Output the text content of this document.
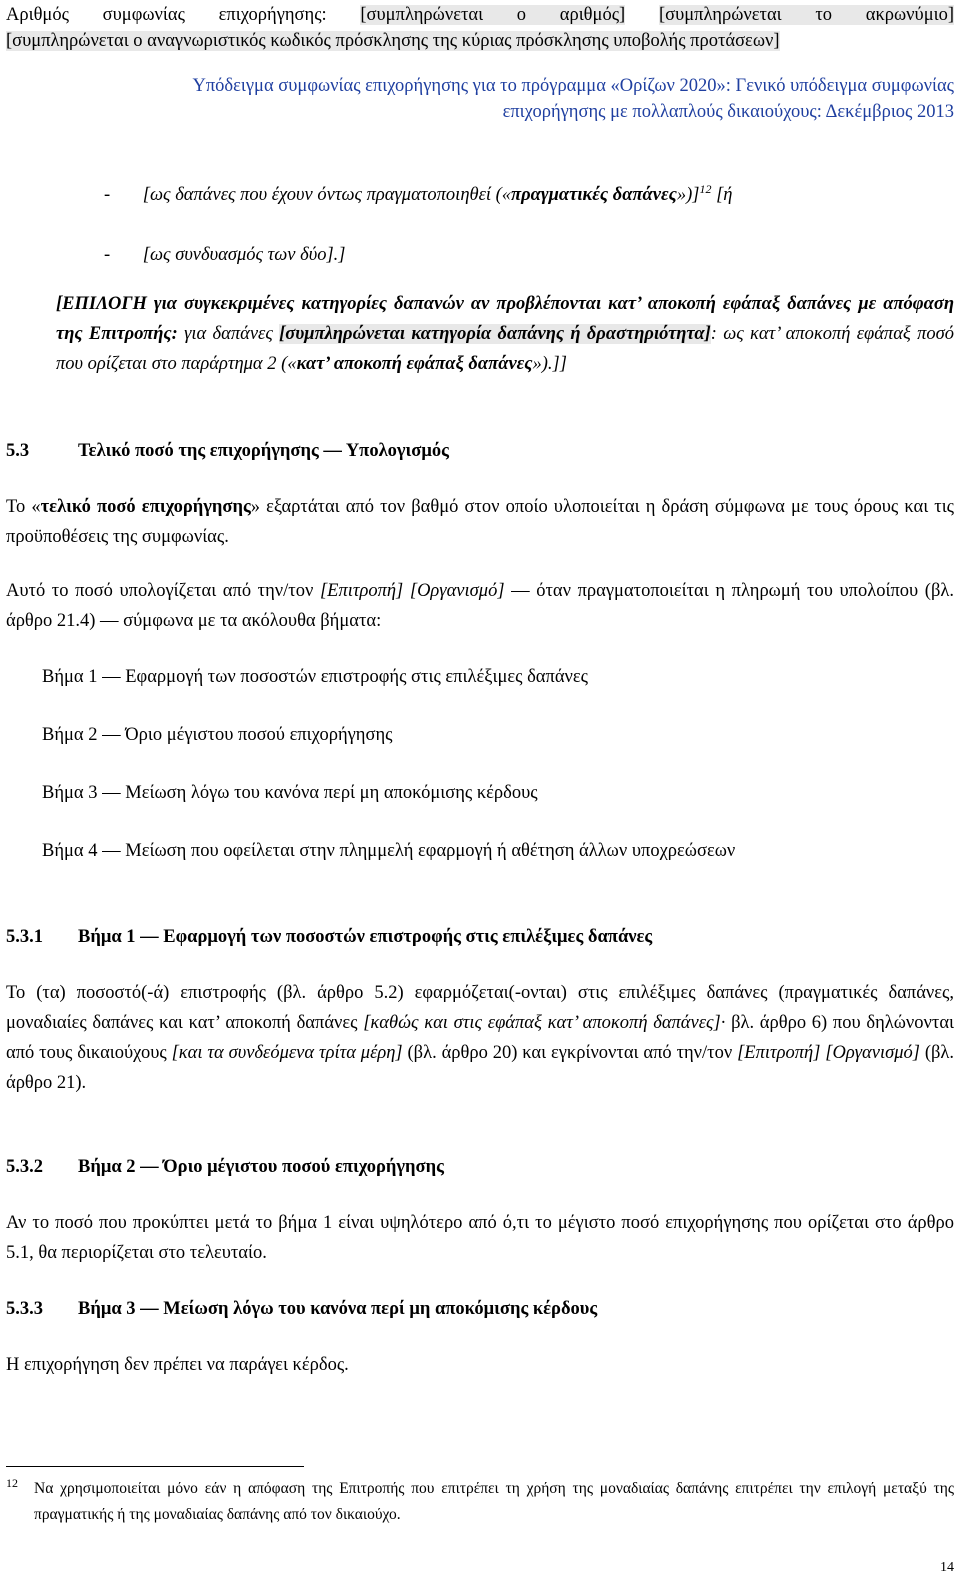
Αριθμός συμφωνίας επιχορήγησης: [συμπληρώνεται ο αριθμός] [συμπληρώνεται το ακρωνύμιο]
[συμπληρώνεται ο αναγνωριστικός κωδικός πρόσκλησης της κύριας πρόσκλησης υποβολής προτάσεων]
Υπόδειγμα συμφωνίας επιχορήγησης για το πρόγραμμα «Ορίζων 2020»: Γενικό υπόδειγμα συμφωνίας
επιχορήγησης με πολλαπλούς δικαιούχους: Δεκέμβριος 2013
- [ως δαπάνες που έχουν όντως πραγματοποιηθεί («πραγματικές δαπάνες»)]$^{12}$ [ή
- [ως συνδυασμός των δύο].]
[ΕΠΙΛΟΓΗ για συγκεκριμένες κατηγορίες δαπανών αν προβλέπονται κατ’ αποκοπή εφάπαξ δαπάνες με απόφαση της Επιτροπής: για δαπάνες [συμπληρώνεται κατηγορία δαπάνης ή δραστηριότητα]: ως κατ’ αποκοπή εφάπαξ ποσό που ορίζεται στο παράρτημα 2 («κατ’ αποκοπή εφάπαξ δαπάνες»).]]
5.3	Τελικό ποσό της επιχορήγησης — Υπολογισμός
Το «τελικό ποσό επιχορήγησης» εξαρτάται από τον βαθμό στον οποίο υλοποιείται η δράση σύμφωνα με τους όρους και τις προϋποθέσεις της συμφωνίας.
Αυτό το ποσό υπολογίζεται από την/τον [Επιτροπή] [Οργανισμό] — όταν πραγματοποιείται η πληρωμή του υπολοίπου (βλ. άρθρο 21.4) — σύμφωνα με τα ακόλουθα βήματα:
Βήμα 1 — Εφαρμογή των ποσοστών επιστροφής στις επιλέξιμες δαπάνες
Βήμα 2 — Όριο μέγιστου ποσού επιχορήγησης
Βήμα 3 — Μείωση λόγω του κανόνα περί μη αποκόμισης κέρδους
Βήμα 4 — Μείωση που οφείλεται στην πλημμελή εφαρμογή ή αθέτηση άλλων υποχρεώσεων
5.3.1 Βήμα 1 — Εφαρμογή των ποσοστών επιστροφής στις επιλέξιμες δαπάνες
Το (τα) ποσοστό(-ά) επιστροφής (βλ. άρθρο 5.2) εφαρμόζεται(-ονται) στις επιλέξιμες δαπάνες (πραγματικές δαπάνες, μοναδιαίες δαπάνες και κατ’ αποκοπή δαπάνες [καθώς και στις εφάπαξ κατ’ αποκοπή δαπάνες]· βλ. άρθρο 6) που δηλώνονται από τους δικαιούχους [και τα συνδεόμενα τρίτα μέρη] (βλ. άρθρο 20) και εγκρίνονται από την/τον [Επιτροπή] [Οργανισμό] (βλ. άρθρο 21).
5.3.2 Βήμα 2 — Όριο μέγιστου ποσού επιχορήγησης
Αν το ποσό που προκύπτει μετά το βήμα 1 είναι υψηλότερο από ό,τι το μέγιστο ποσό επιχορήγησης που ορίζεται στο άρθρο 5.1, θα περιορίζεται στο τελευταίο.
5.3.3 Βήμα 3 — Μείωση λόγω του κανόνα περί μη αποκόμισης κέρδους
Η επιχορήγηση δεν πρέπει να παράγει κέρδος.
12 Να χρησιμοποιείται μόνο εάν η απόφαση της Επιτροπής που επιτρέπει τη χρήση της μοναδιαίας δαπάνης επιτρέπει την επιλογή μεταξύ της πραγματικής ή της μοναδιαίας δαπάνης από τον δικαιούχο.
14
